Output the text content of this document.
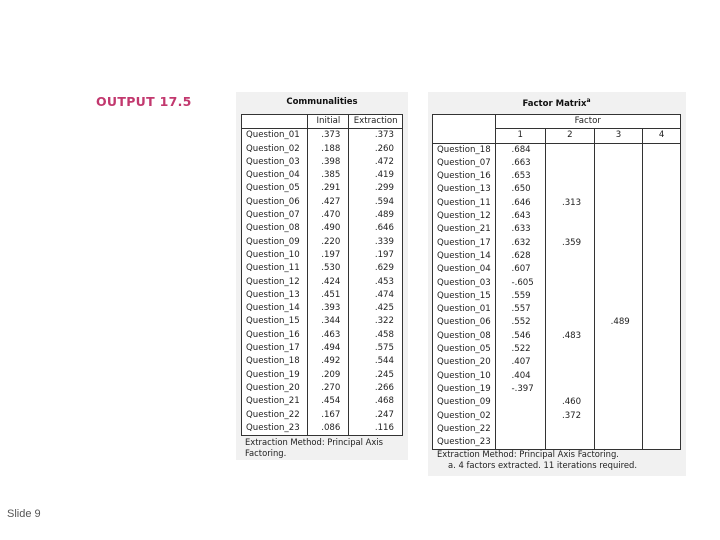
OUTPUT 17.5	Communalities
	Initial	Extraction
Question_01	.373	.373
Question_02	.188	.260
Question_03	.398	.472
Question_04	.385	.419
Question_05	.291	.299
Question_06	.427	.594
Question_07	.470	.489
Question_08	.490	.646
Question_09	.220	.339
Question_10	.197	.197
Question_11	.530	.629
Question_12	.424	.453
Question_13	.451	.474
Question_14	.393	.425
Question_15	.344	.322
Question_16	.463	.458
Question_17	.494	.575
Question_18	.492	.544
Question_19	.209	.245
Question_20	.270	.266
Question_21	.454	.468
Question_22	.167	.247
Question_23	.086	.116
Extraction Method: Principal Axis Factoring.
Factor Matrix$^a$
	Factor			
	1	2	3	4
Question_18	.684			
Question_07	.663			
Question_16	.653			
Question_13	.650			
Question_11	.646	.313		
Question_12	.643			
Question_21	.633			
Question_17	.632	.359		
Question_14	.628			
Question_04	.607			
Question_03	-.605			
Question_15	.559			
Question_01	.557			
Question_06	.552		.489	
Question_08	.546	.483		
Question_05	.522			
Question_20	.407			
Question_10	.404			
Question_19	-.397			
Question_09		.460		
Question_02		.372		
Question_22				
Question_23				
Extraction Method: Principal Axis Factoring.
a. 4 factors extracted. 11 iterations required.
Slide 9
